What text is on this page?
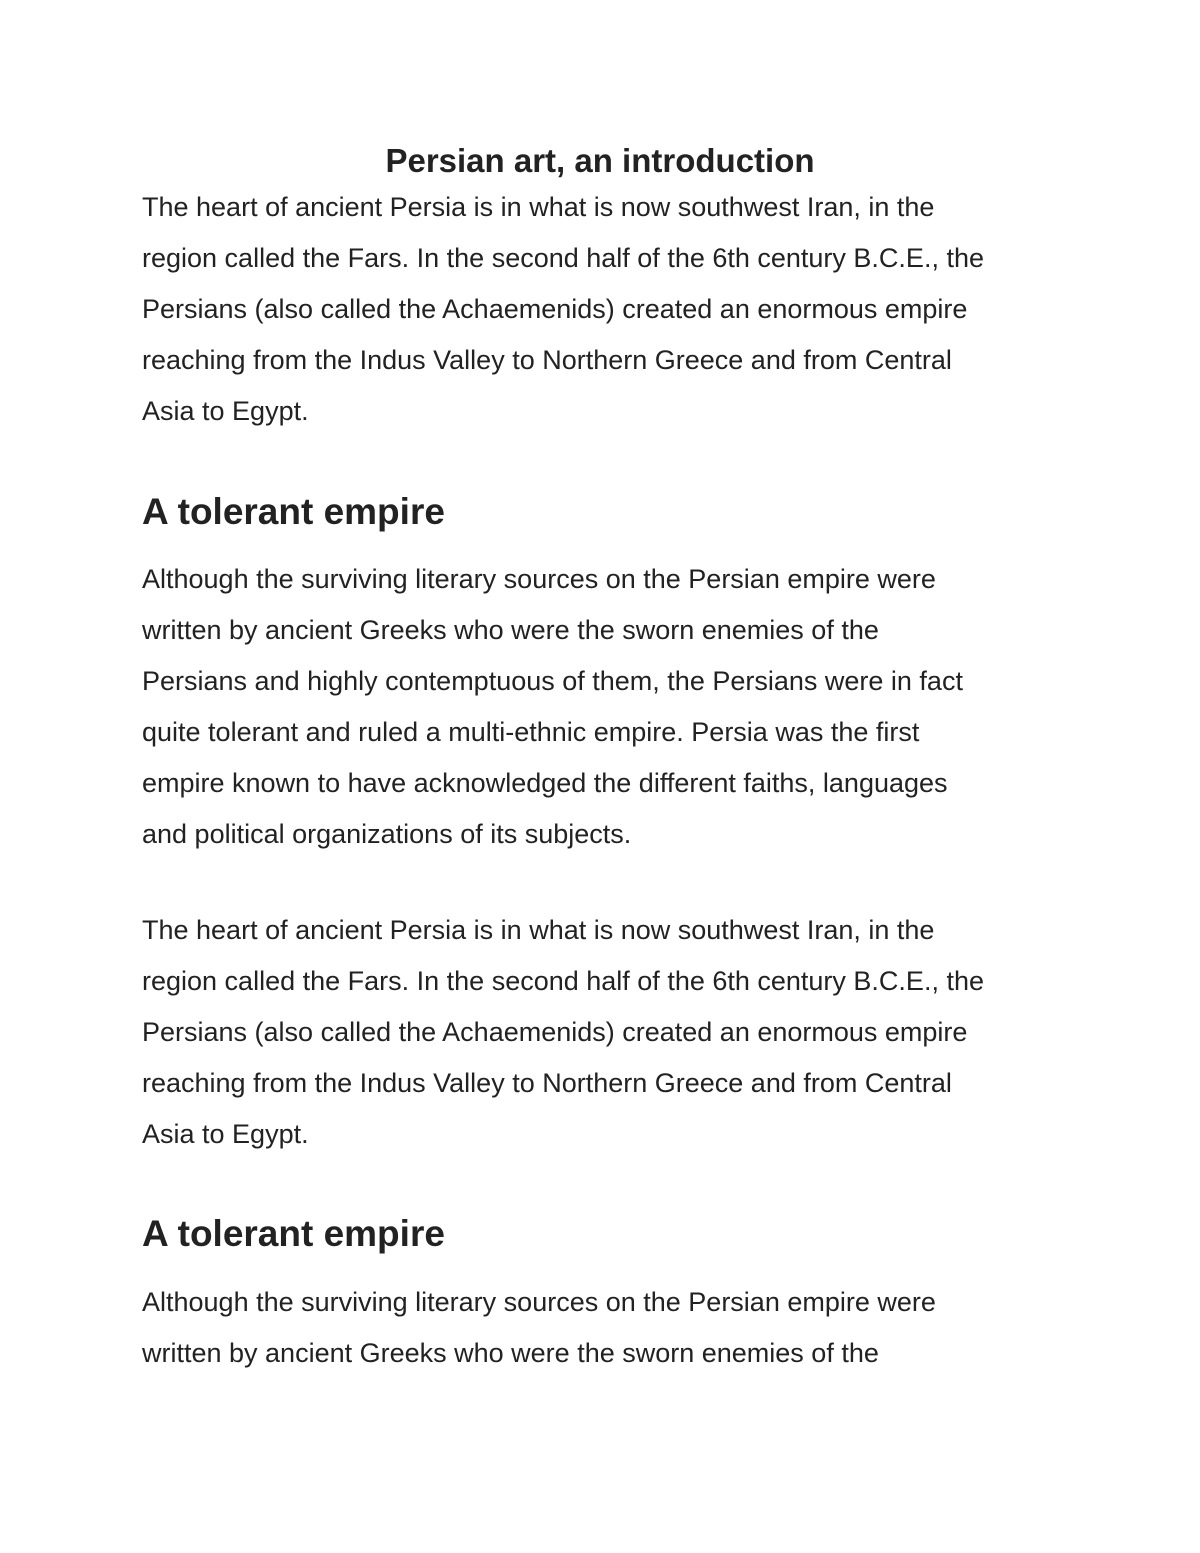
Persian art, an introduction

The heart of ancient Persia is in what is now southwest Iran, in the
region called the Fars. In the second half of the 6th century B.C.E., the
Persians (also called the Achaemenids) created an enormous empire
reaching from the Indus Valley to Northern Greece and from Central
Asia to Egypt.

A tolerant empire

Although the surviving literary sources on the Persian empire were
written by ancient Greeks who were the sworn enemies of the
Persians and highly contemptuous of them, the Persians were in fact
quite tolerant and ruled a multi-ethnic empire. Persia was the first
empire known to have acknowledged the different faiths, languages
and political organizations of its subjects.

The heart of ancient Persia is in what is now southwest Iran, in the
region called the Fars. In the second half of the 6th century B.C.E., the
Persians (also called the Achaemenids) created an enormous empire
reaching from the Indus Valley to Northern Greece and from Central
Asia to Egypt.

A tolerant empire

Although the surviving literary sources on the Persian empire were
written by ancient Greeks who were the sworn enemies of the
